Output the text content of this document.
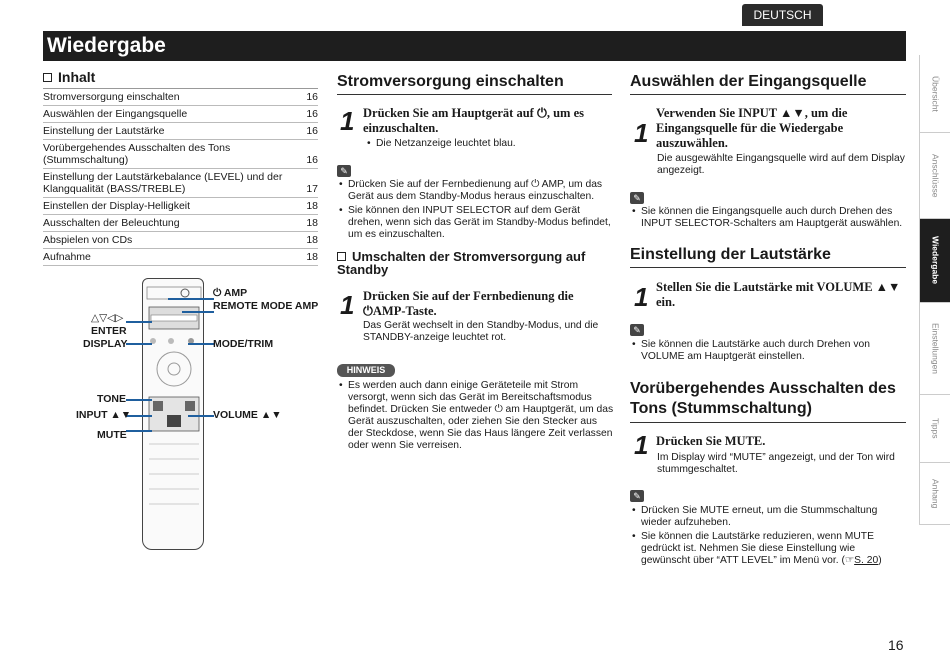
DEUTSCH
Wiedergabe
Inhalt
Stromversorgung einschalten	16
Auswählen der Eingangsquelle	16
Einstellung der Lautstärke	16
Vorübergehendes Ausschalten des Tons (Stummschaltung)	16
Einstellung der Lautstärkebalance (LEVEL) und der Klangqualität (BASS/TREBLE)	17
Einstellen der Display-Helligkeit	18
Ausschalten der Beleuchtung	18
Abspielen von CDs	18
Aufnahme	18
⏻ AMP
REMOTE MODE AMP
△▽◁▷
ENTER
DISPLAY	MODE/TRIM
TONE
INPUT ▲▼	VOLUME ▲▼
MUTE
Stromversorgung einschalten
1 Drücken Sie am Hauptgerät auf ⏻, um es einzuschalten.
• Die Netzanzeige leuchtet blau.
✎
• Drücken Sie auf der Fernbedienung auf ⏻ AMP, um das Gerät aus dem Standby-Modus heraus einzuschalten.
• Sie können den INPUT SELECTOR auf dem Gerät drehen, wenn sich das Gerät im Standby-Modus befindet, um es einzuschalten.
Umschalten der Stromversorgung auf Standby
1 Drücken Sie auf der Fernbedienung die ⏻AMP-Taste.
Das Gerät wechselt in den Standby-Modus, und die STANDBY-anzeige leuchtet rot.
HINWEIS
• Es werden auch dann einige Geräteteile mit Strom versorgt, wenn sich das Gerät im Bereitschaftsmodus befindet. Drücken Sie entweder ⏻ am Hauptgerät, um das Gerät auszuschalten, oder ziehen Sie den Stecker aus der Steckdose, wenn Sie das Haus längere Zeit verlassen oder wenn Sie verreisen.
Auswählen der Eingangsquelle
1
Verwenden Sie INPUT ▲▼, um die Eingangsquelle für die Wiedergabe auszuwählen.
Die ausgewählte Eingangsquelle wird auf dem Display angezeigt.
✎
• Sie können die Eingangsquelle auch durch Drehen des INPUT SELECTOR-Schalters am Hauptgerät auswählen.
Einstellung der Lautstärke
1 Stellen Sie die Lautstärke mit VOLUME ▲▼ ein.
✎
• Sie können die Lautstärke auch durch Drehen von VOLUME am Hauptgerät einstellen.
Vorübergehendes Ausschalten des Tons (Stummschaltung)
1 Drücken Sie MUTE.
Im Display wird “MUTE” angezeigt, und der Ton wird stummgeschaltet.
✎
• Drücken Sie MUTE erneut, um die Stummschaltung wieder aufzuheben.
• Sie können die Lautstärke reduzieren, wenn MUTE gedrückt ist. Nehmen Sie diese Einstellung wie gewünscht über “ATT LEVEL” im Menü vor. (☞S. 20)
Übersicht
Anschlüsse
Wiedergabe
Einstellungen
Tipps
Anhang
16
